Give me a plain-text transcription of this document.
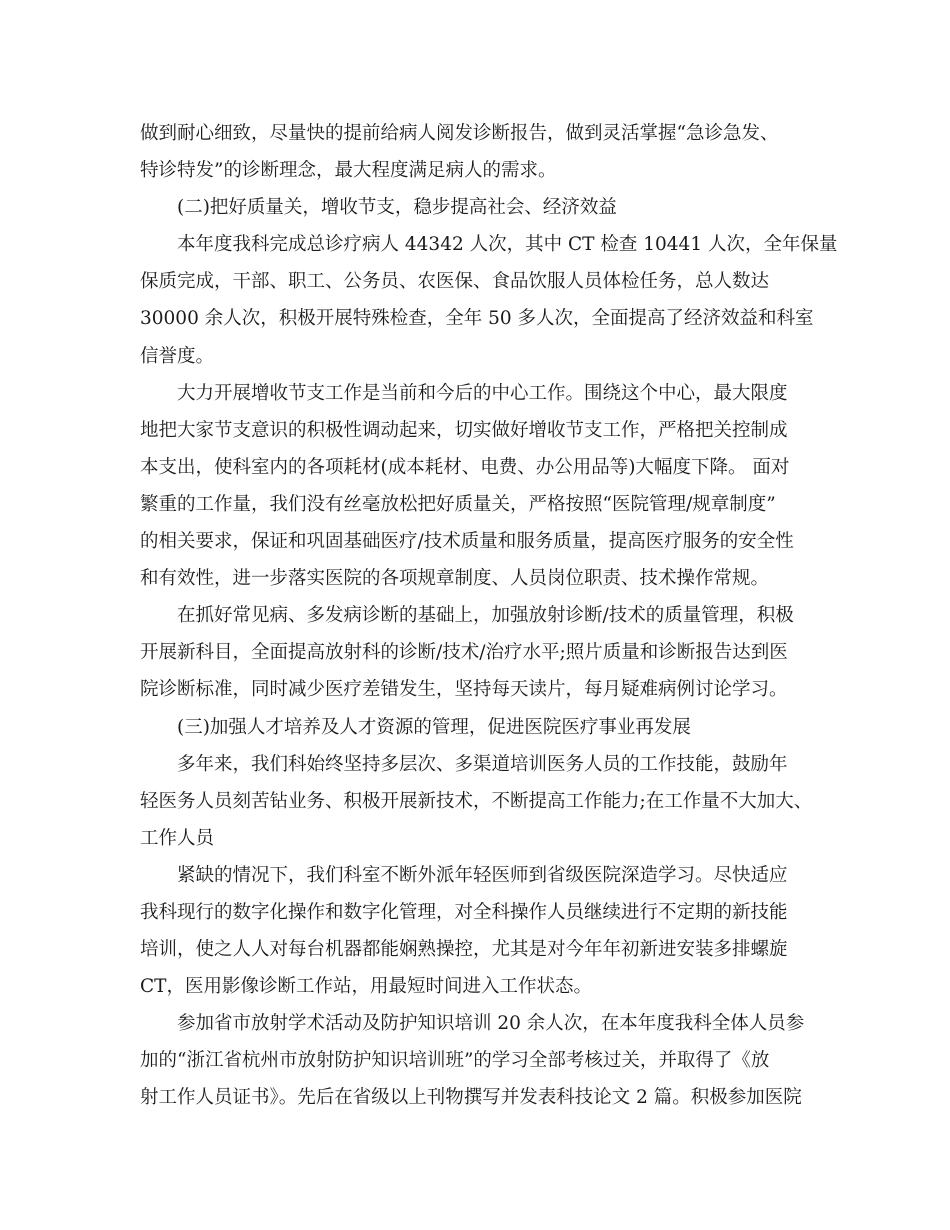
做到耐心细致，尽量快的提前给病人阅发诊断报告，做到灵活掌握“急诊急发、
特诊特发”的诊断理念，最大程度满足病人的需求。
(二)把好质量关，增收节支，稳步提高社会、经济效益
本年度我科完成总诊疗病人 44342 人次，其中 CT 检查 10441 人次，全年保量
保质完成，干部、职工、公务员、农医保、食品饮服人员体检任务，总人数达
30000 余人次，积极开展特殊检查，全年 50 多人次，全面提高了经济效益和科室
信誉度。
大力开展增收节支工作是当前和今后的中心工作。围绕这个中心，最大限度
地把大家节支意识的积极性调动起来，切实做好增收节支工作，严格把关控制成
本支出，使科室内的各项耗材(成本耗材、电费、办公用品等)大幅度下降。 面对
繁重的工作量，我们没有丝毫放松把好质量关，严格按照“医院管理/规章制度”
的相关要求，保证和巩固基础医疗/技术质量和服务质量，提高医疗服务的安全性
和有效性，进一步落实医院的各项规章制度、人员岗位职责、技术操作常规。
在抓好常见病、多发病诊断的基础上，加强放射诊断/技术的质量管理，积极
开展新科目，全面提高放射科的诊断/技术/治疗水平;照片质量和诊断报告达到医
院诊断标准，同时减少医疗差错发生，坚持每天读片，每月疑难病例讨论学习。
(三)加强人才培养及人才资源的管理，促进医院医疗事业再发展
多年来，我们科始终坚持多层次、多渠道培训医务人员的工作技能，鼓励年
轻医务人员刻苦钻业务、积极开展新技术，不断提高工作能力;在工作量不大加大、
工作人员
紧缺的情况下，我们科室不断外派年轻医师到省级医院深造学习。尽快适应
我科现行的数字化操作和数字化管理，对全科操作人员继续进行不定期的新技能
培训，使之人人对每台机器都能娴熟操控，尤其是对今年年初新进安装多排螺旋
CT，医用影像诊断工作站，用最短时间进入工作状态。
参加省市放射学术活动及防护知识培训 20 余人次，在本年度我科全体人员参
加的“浙江省杭州市放射防护知识培训班”的学习全部考核过关，并取得了《放
射工作人员证书》。先后在省级以上刊物撰写并发表科技论文 2 篇。积极参加医院
